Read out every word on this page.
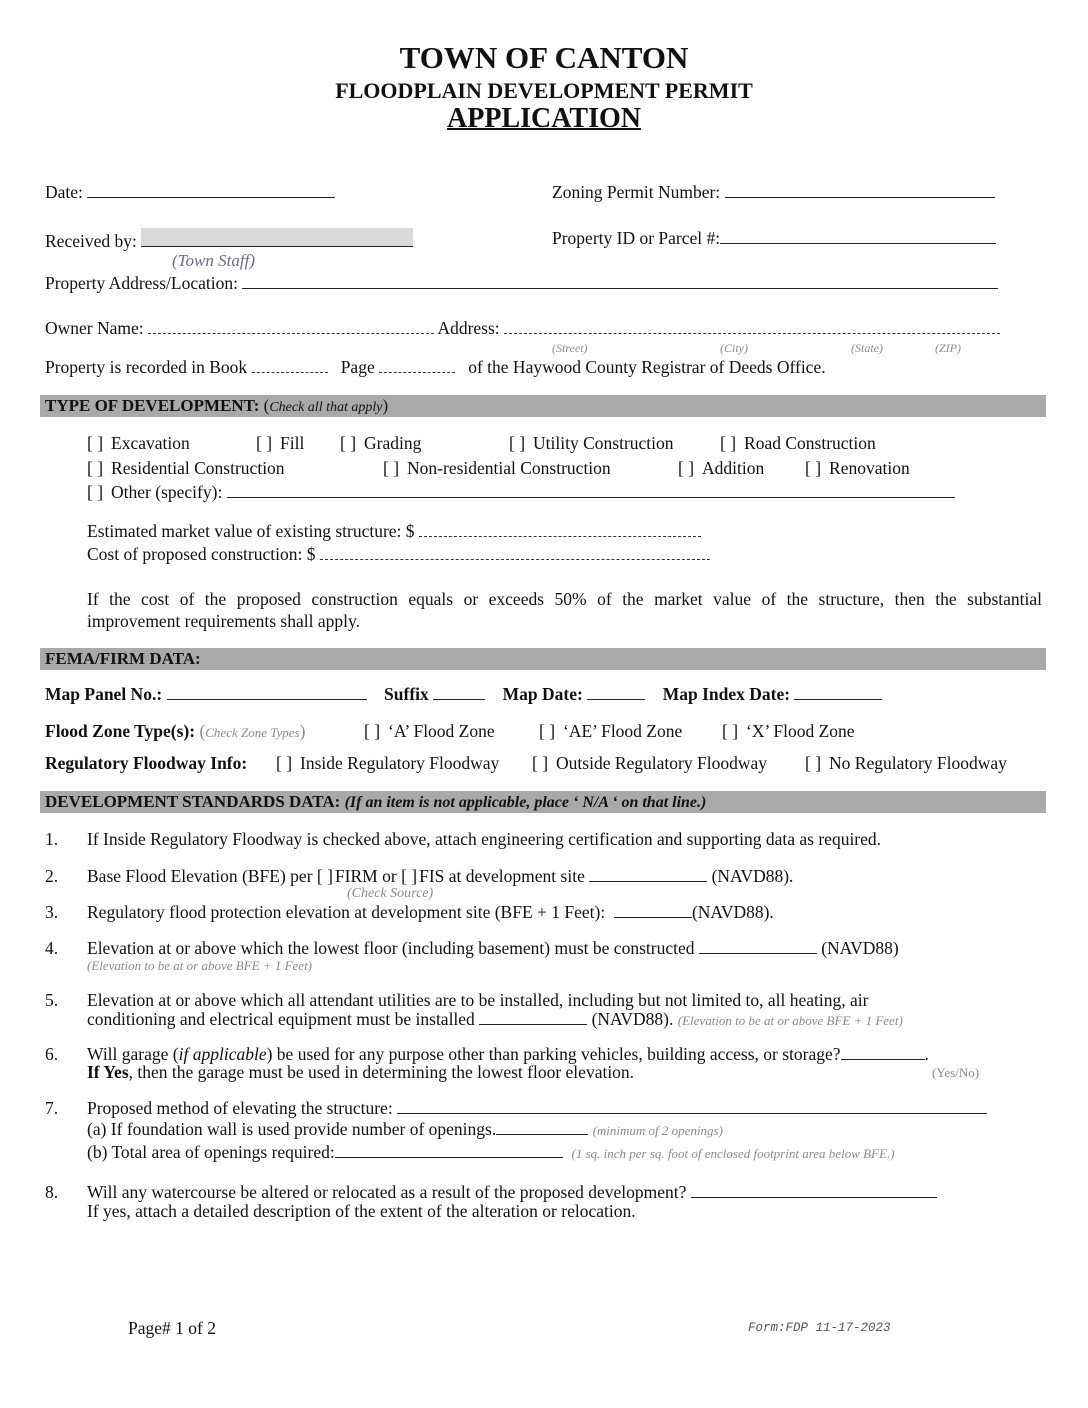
TOWN OF CANTON
FLOODPLAIN DEVELOPMENT PERMIT
APPLICATION
Date:	Zoning Permit Number:
Received by:
(Town Staff)
Property ID or Parcel #:
Property Address/Location:
Owner Name:	Address:
(Street)	(City)	(State)	(ZIP)
Property is recorded in Book	Page	of the Haywood County Registrar of Deeds Office.
TYPE OF DEVELOPMENT: (Check all that apply)
[ ] Excavation	[ ] Fill [ ] Grading	[ ] Utility Construction	[ ] Road Construction
[ ] Residential Construction	[ ] Non-residential Construction	[ ] Addition [ ] Renovation
[ ] Other (specify):
Estimated market value of existing structure: $
Cost of proposed construction: $
If the cost of the proposed construction equals or exceeds 50% of the market value of the structure, then the substantial
improvement requirements shall apply.
FEMA/FIRM DATA:
Map Panel No.:	Suffix	Map Date:	Map Index Date:
Flood Zone Type(s): (Check Zone Types)	[ ] ‘A’ Flood Zone	[ ] ‘AE’ Flood Zone [ ] ‘X’ Flood Zone
Regulatory Floodway Info: [ ] Inside Regulatory Floodway [ ] Outside Regulatory Floodway [ ] No Regulatory Floodway
DEVELOPMENT STANDARDS DATA: (If an item is not applicable, place ‘ N/A ‘ on that line.)
1. If Inside Regulatory Floodway is checked above, attach engineering certification and supporting data as required.
2. Base Flood Elevation (BFE) per [ ] FIRM or [ ] FIS at development site	(NAVD88).
(Check Source)
3. Regulatory flood protection elevation at development site (BFE + 1 Feet):	(NAVD88).
4. Elevation at or above which the lowest floor (including basement) must be constructed	(NAVD88)
(Elevation to be at or above BFE + 1 Feet)
5. Elevation at or above which all attendant utilities are to be installed, including but not limited to, all heating, air
conditioning and electrical equipment must be installed	(NAVD88). (Elevation to be at or above BFE + 1 Feet)
6. Will garage (if applicable) be used for any purpose other than parking vehicles, building access, or storage?	.
If Yes, then the garage must be used in determining the lowest floor elevation.	(Yes/No)
7. Proposed method of elevating the structure:
(a) If foundation wall is used provide number of openings.	(minimum of 2 openings)
(b) Total area of openings required:	(1 sq. inch per sq. foot of enclosed footprint area below BFE.)
8. Will any watercourse be altered or relocated as a result of the proposed development?
If yes, attach a detailed description of the extent of the alteration or relocation.
Page# 1 of 2	Form:FDP 11-17-2023
